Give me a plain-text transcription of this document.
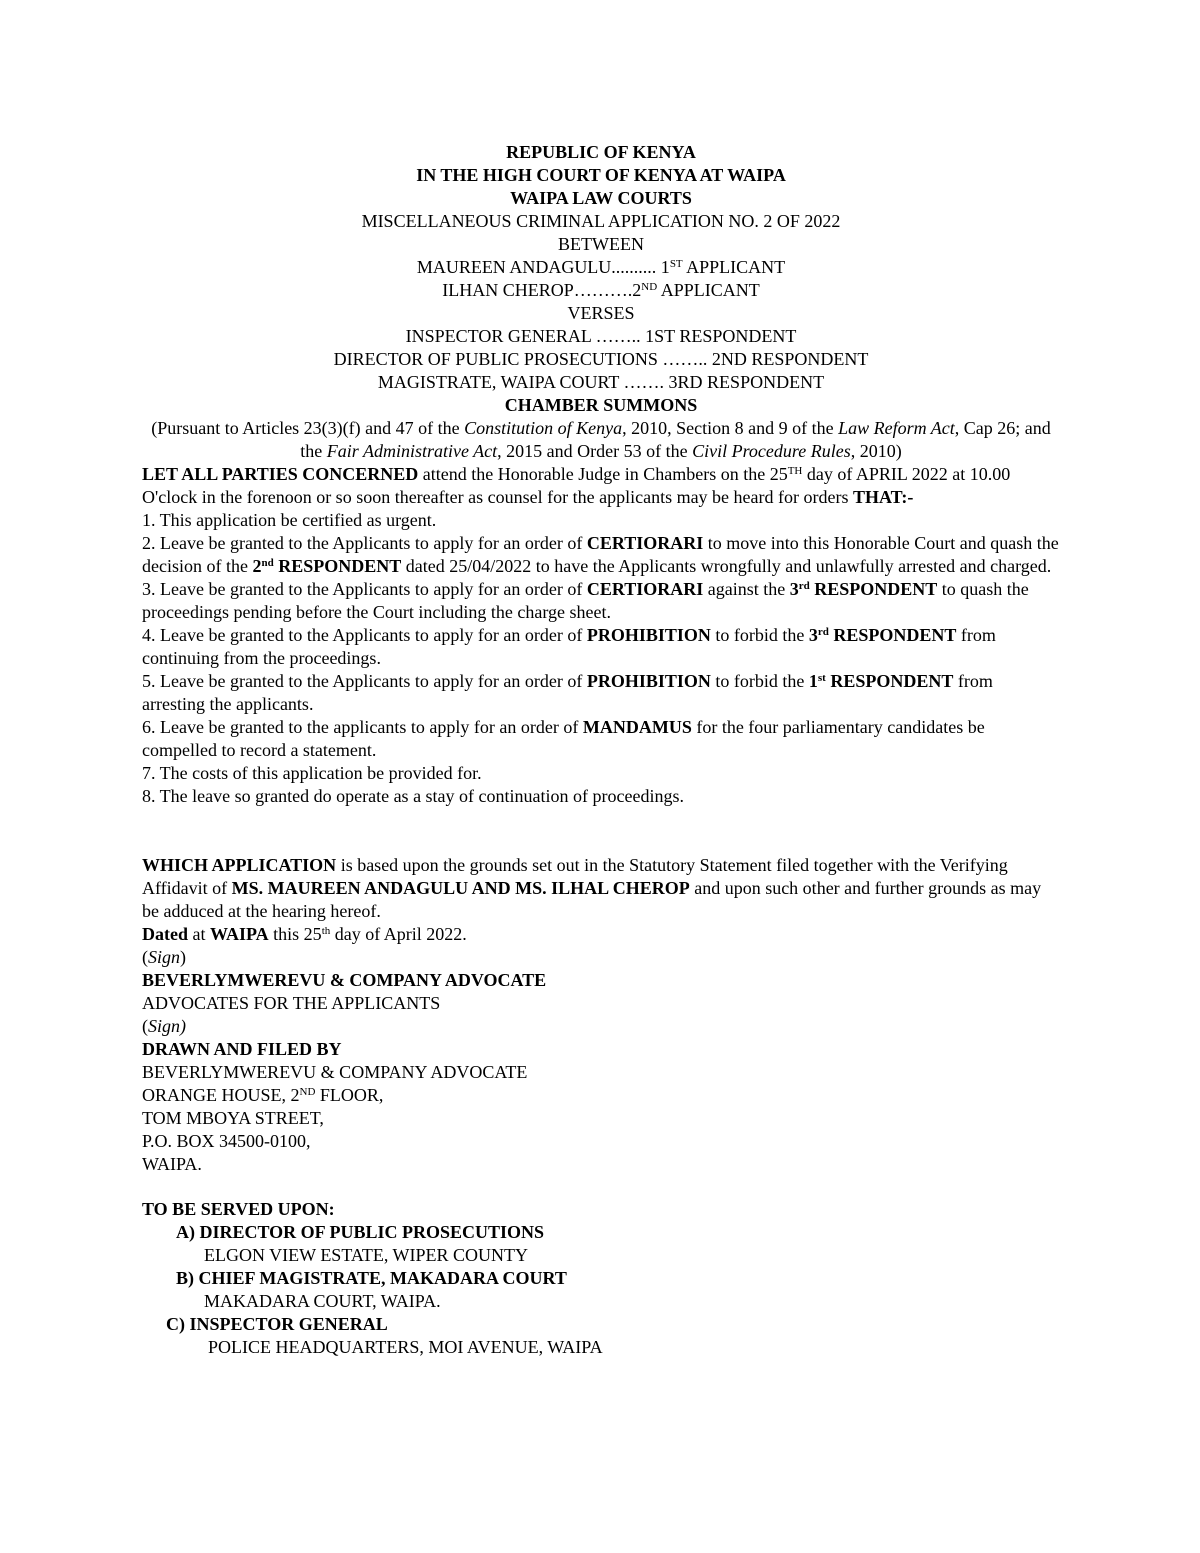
REPUBLIC OF KENYA
IN THE HIGH COURT OF KENYA AT WAIPA
WAIPA LAW COURTS
MISCELLANEOUS CRIMINAL APPLICATION NO. 2 OF 2022
BETWEEN
MAUREEN ANDAGULU.......... 1ST APPLICANT
ILHAN CHEROP……….2ND APPLICANT
VERSES
INSPECTOR GENERAL …….. 1ST RESPONDENT
DIRECTOR OF PUBLIC PROSECUTIONS …….. 2ND RESPONDENT
MAGISTRATE, WAIPA COURT ……. 3RD RESPONDENT
CHAMBER SUMMONS
(Pursuant to Articles 23(3)(f) and 47 of the Constitution of Kenya, 2010, Section 8 and 9 of the Law Reform Act, Cap 26; and the Fair Administrative Act, 2015 and Order 53 of the Civil Procedure Rules, 2010)
LET ALL PARTIES CONCERNED attend the Honorable Judge in Chambers on the 25TH day of APRIL 2022 at 10.00 O'clock in the forenoon or so soon thereafter as counsel for the applicants may be heard for orders THAT:-
1. This application be certified as urgent.
2. Leave be granted to the Applicants to apply for an order of CERTIORARI to move into this Honorable Court and quash the decision of the 2nd RESPONDENT dated 25/04/2022 to have the Applicants wrongfully and unlawfully arrested and charged.
3. Leave be granted to the Applicants to apply for an order of CERTIORARI against the 3rd RESPONDENT to quash the proceedings pending before the Court including the charge sheet.
4. Leave be granted to the Applicants to apply for an order of PROHIBITION to forbid the 3rd RESPONDENT from continuing from the proceedings.
5. Leave be granted to the Applicants to apply for an order of PROHIBITION to forbid the 1st RESPONDENT from arresting the applicants.
6. Leave be granted to the applicants to apply for an order of MANDAMUS for the four parliamentary candidates be compelled to record a statement.
7. The costs of this application be provided for.
8. The leave so granted do operate as a stay of continuation of proceedings.
WHICH APPLICATION is based upon the grounds set out in the Statutory Statement filed together with the Verifying Affidavit of MS. MAUREEN ANDAGULU AND MS. ILHAL CHEROP and upon such other and further grounds as may be adduced at the hearing hereof.
Dated at WAIPA this 25th day of April 2022.
(Sign)
BEVERLYMWEREVU & COMPANY ADVOCATE
ADVOCATES FOR THE APPLICANTS
(Sign)
DRAWN AND FILED BY
BEVERLYMWEREVU & COMPANY ADVOCATE
ORANGE HOUSE, 2ND FLOOR,
TOM MBOYA STREET,
P.O. BOX 34500-0100,
WAIPA.
TO BE SERVED UPON:
A) DIRECTOR OF PUBLIC PROSECUTIONS
ELGON VIEW ESTATE, WIPER COUNTY
B) CHIEF MAGISTRATE, MAKADARA COURT
MAKADARA COURT, WAIPA.
C) INSPECTOR GENERAL
POLICE HEADQUARTERS, MOI AVENUE, WAIPA
